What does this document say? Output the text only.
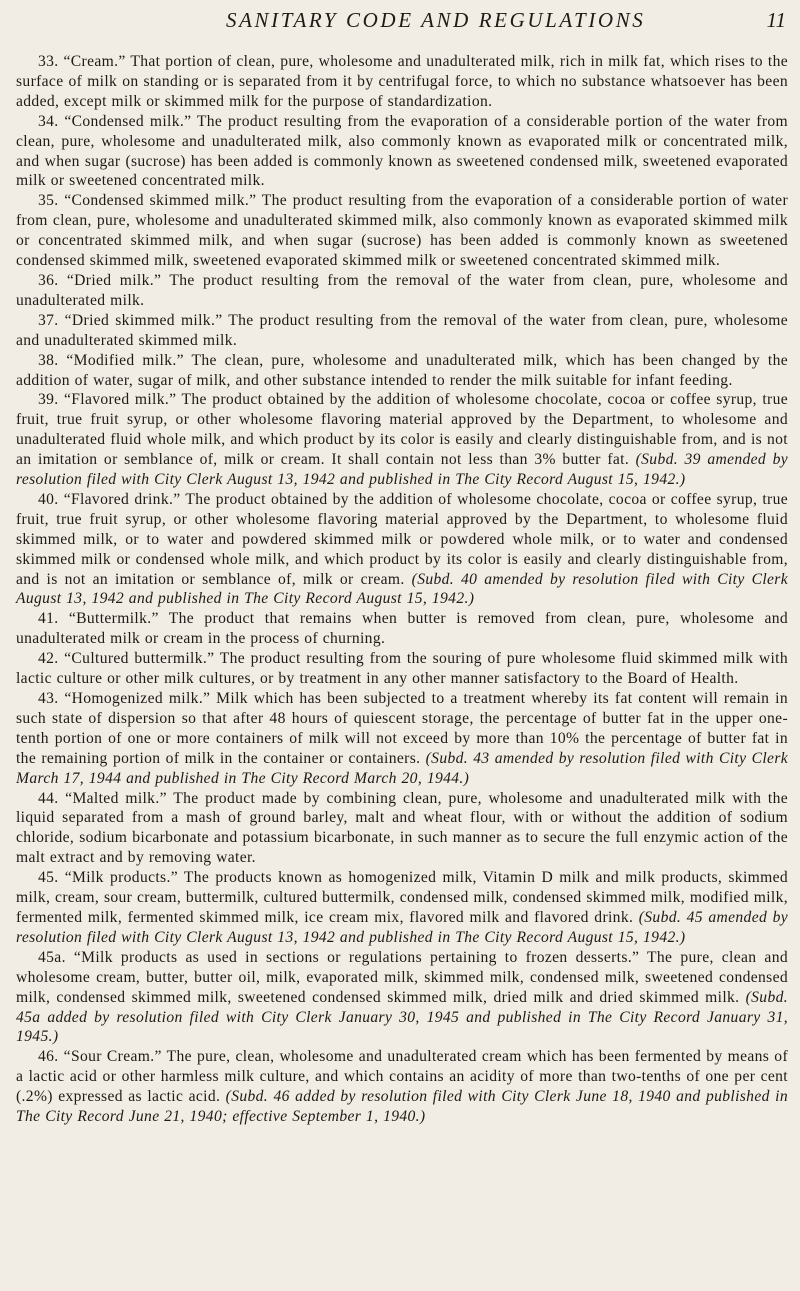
SANITARY CODE AND REGULATIONS	11

33. “Cream.” That portion of clean, pure, wholesome and unadulterated milk, rich in milk fat, which rises to the surface of milk on standing or is separated from it by centrifugal force, to which no substance whatsoever has been added, except milk or skimmed milk for the purpose of standardization.

34. “Condensed milk.” The product resulting from the evaporation of a considerable portion of the water from clean, pure, wholesome and unadulterated milk, also commonly known as evaporated milk or concentrated milk, and when sugar (sucrose) has been added is commonly known as sweetened condensed milk, sweetened evaporated milk or sweetened concentrated milk.

35. “Condensed skimmed milk.” The product resulting from the evaporation of a considerable portion of water from clean, pure, wholesome and unadulterated skimmed milk, also commonly known as evaporated skimmed milk or concentrated skimmed milk, and when sugar (sucrose) has been added is commonly known as sweetened condensed skimmed milk, sweetened evaporated skimmed milk or sweetened concentrated skimmed milk.

36. “Dried milk.” The product resulting from the removal of the water from clean, pure, wholesome and unadulterated milk.

37. “Dried skimmed milk.” The product resulting from the removal of the water from clean, pure, wholesome and unadulterated skimmed milk.

38. “Modified milk.” The clean, pure, wholesome and unadulterated milk, which has been changed by the addition of water, sugar of milk, and other substance intended to render the milk suitable for infant feeding.

39. “Flavored milk.” The product obtained by the addition of wholesome chocolate, cocoa or coffee syrup, true fruit, true fruit syrup, or other wholesome flavoring material approved by the Department, to wholesome and unadulterated fluid whole milk, and which product by its color is easily and clearly distinguishable from, and is not an imitation or semblance of, milk or cream. It shall contain not less than 3% butter fat. (Subd. 39 amended by resolution filed with City Clerk August 13, 1942 and published in The City Record August 15, 1942.)

40. “Flavored drink.” The product obtained by the addition of wholesome chocolate, cocoa or coffee syrup, true fruit, true fruit syrup, or other wholesome flavoring material approved by the Department, to wholesome fluid skimmed milk, or to water and powdered skimmed milk or powdered whole milk, or to water and condensed skimmed milk or condensed whole milk, and which product by its color is easily and clearly distinguishable from, and is not an imitation or semblance of, milk or cream. (Subd. 40 amended by resolution filed with City Clerk August 13, 1942 and published in The City Record August 15, 1942.)

41. “Buttermilk.” The product that remains when butter is removed from clean, pure, wholesome and unadulterated milk or cream in the process of churning.

42. “Cultured buttermilk.” The product resulting from the souring of pure wholesome fluid skimmed milk with lactic culture or other milk cultures, or by treatment in any other manner satisfactory to the Board of Health.

43. “Homogenized milk.” Milk which has been subjected to a treatment whereby its fat content will remain in such state of dispersion so that after 48 hours of quiescent storage, the percentage of butter fat in the upper one-tenth portion of one or more containers of milk will not exceed by more than 10% the percentage of butter fat in the remaining portion of milk in the container or containers. (Subd. 43 amended by resolution filed with City Clerk March 17, 1944 and published in The City Record March 20, 1944.)

44. “Malted milk.” The product made by combining clean, pure, wholesome and unadulterated milk with the liquid separated from a mash of ground barley, malt and wheat flour, with or without the addition of sodium chloride, sodium bicarbonate and potassium bicarbonate, in such manner as to secure the full enzymic action of the malt extract and by removing water.

45. “Milk products.” The products known as homogenized milk, Vitamin D milk and milk products, skimmed milk, cream, sour cream, buttermilk, cultured buttermilk, condensed milk, condensed skimmed milk, modified milk, fermented milk, fermented skimmed milk, ice cream mix, flavored milk and flavored drink. (Subd. 45 amended by resolution filed with City Clerk August 13, 1942 and published in The City Record August 15, 1942.)

45a. “Milk products as used in sections or regulations pertaining to frozen desserts.” The pure, clean and wholesome cream, butter, butter oil, milk, evaporated milk, skimmed milk, condensed milk, sweetened condensed milk, condensed skimmed milk, sweetened condensed skimmed milk, dried milk and dried skimmed milk. (Subd. 45a added by resolution filed with City Clerk January 30, 1945 and published in The City Record January 31, 1945.)

46. “Sour Cream.” The pure, clean, wholesome and unadulterated cream which has been fermented by means of a lactic acid or other harmless milk culture, and which contains an acidity of more than two-tenths of one per cent (.2%) expressed as lactic acid. (Subd. 46 added by resolution filed with City Clerk June 18, 1940 and published in The City Record June 21, 1940; effective September 1, 1940.)
